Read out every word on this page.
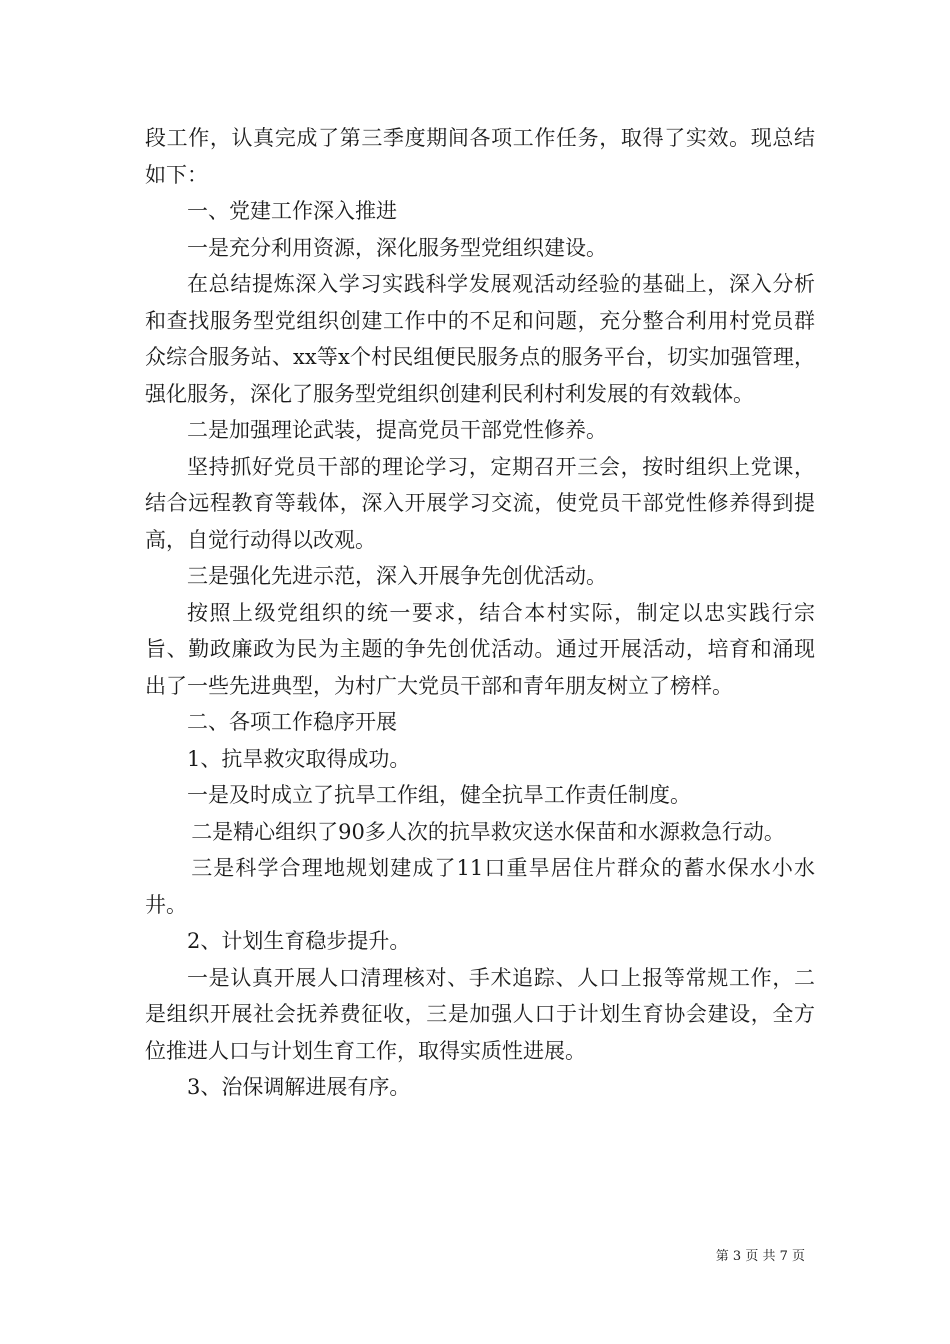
段工作，认真完成了第三季度期间各项工作任务，取得了实效。现总结如下：

一、党建工作深入推进

一是充分利用资源，深化服务型党组织建设。

在总结提炼深入学习实践科学发展观活动经验的基础上，深入分析和查找服务型党组织创建工作中的不足和问题，充分整合利用村党员群众综合服务站、xx等x个村民组便民服务点的服务平台，切实加强管理，强化服务，深化了服务型党组织创建利民利村利发展的有效载体。

二是加强理论武装，提高党员干部党性修养。

坚持抓好党员干部的理论学习，定期召开三会，按时组织上党课，结合远程教育等载体，深入开展学习交流，使党员干部党性修养得到提高，自觉行动得以改观。

三是强化先进示范，深入开展争先创优活动。

按照上级党组织的统一要求，结合本村实际，制定以忠实践行宗旨、勤政廉政为民为主题的争先创优活动。通过开展活动，培育和涌现出了一些先进典型，为村广大党员干部和青年朋友树立了榜样。

二、各项工作稳序开展

1、抗旱救灾取得成功。

一是及时成立了抗旱工作组，健全抗旱工作责任制度。

二是精心组织了90多人次的抗旱救灾送水保苗和水源救急行动。

三是科学合理地规划建成了11口重旱居住片群众的蓄水保水小水井。

2、计划生育稳步提升。

一是认真开展人口清理核对、手术追踪、人口上报等常规工作，二是组织开展社会抚养费征收，三是加强人口于计划生育协会建设，全方位推进人口与计划生育工作，取得实质性进展。

3、治保调解进展有序。

第 3 页 共 7 页
